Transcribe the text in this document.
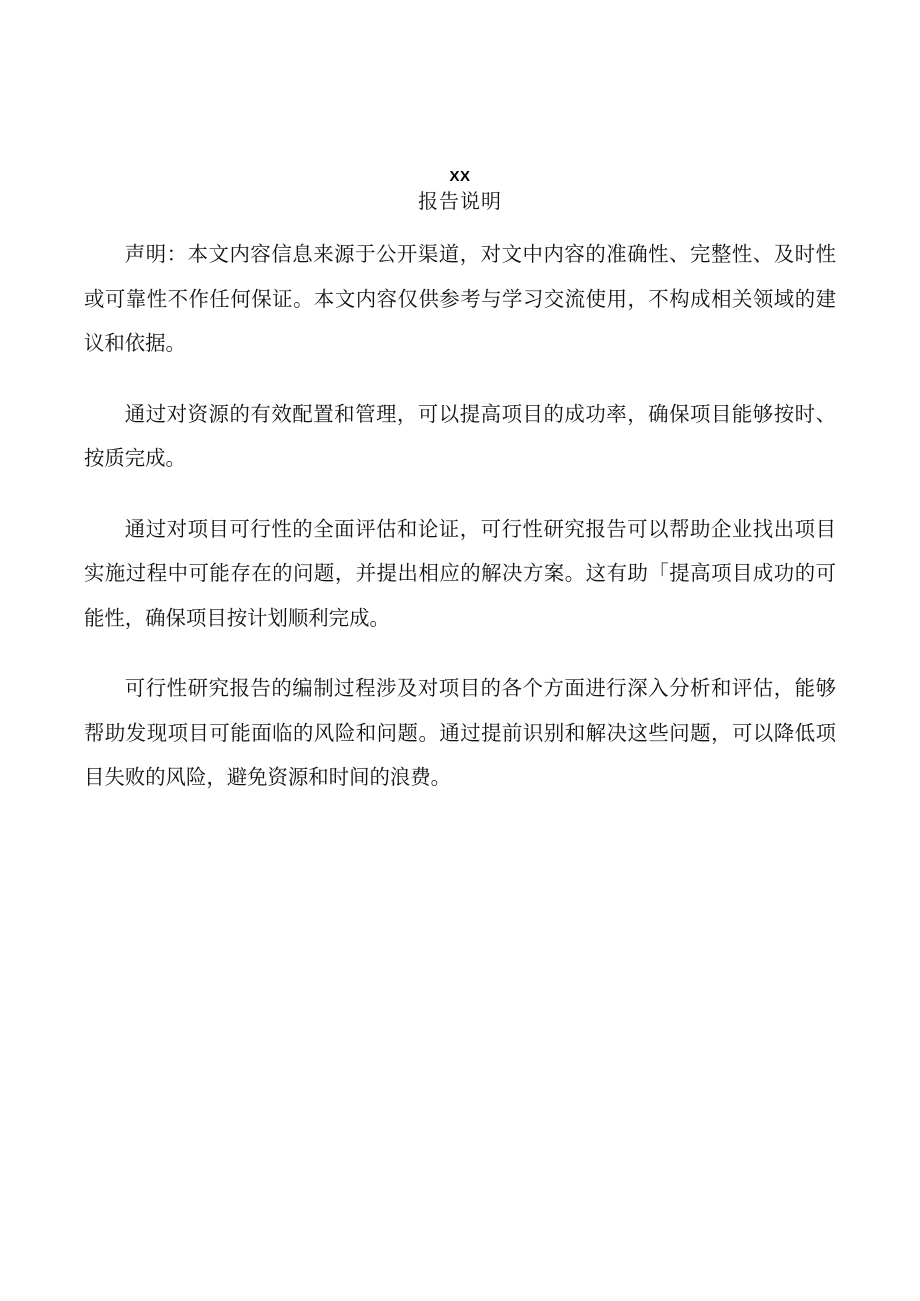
XX
报告说明

声明：本文内容信息来源于公开渠道，对文中内容的准确性、完整性、及时性或可靠性不作任何保证。本文内容仅供参考与学习交流使用，不构成相关领域的建议和依据。

通过对资源的有效配置和管理，可以提高项目的成功率，确保项目能够按时、按质完成。

通过对项目可行性的全面评估和论证，可行性研究报告可以帮助企业找出项目实施过程中可能存在的问题，并提出相应的解决方案。这有助「提高项目成功的可能性，确保项目按计划顺利完成。

可行性研究报告的编制过程涉及对项目的各个方面进行深入分析和评估，能够帮助发现项目可能面临的风险和问题。通过提前识别和解决这些问题，可以降低项目失败的风险，避免资源和时间的浪费。
